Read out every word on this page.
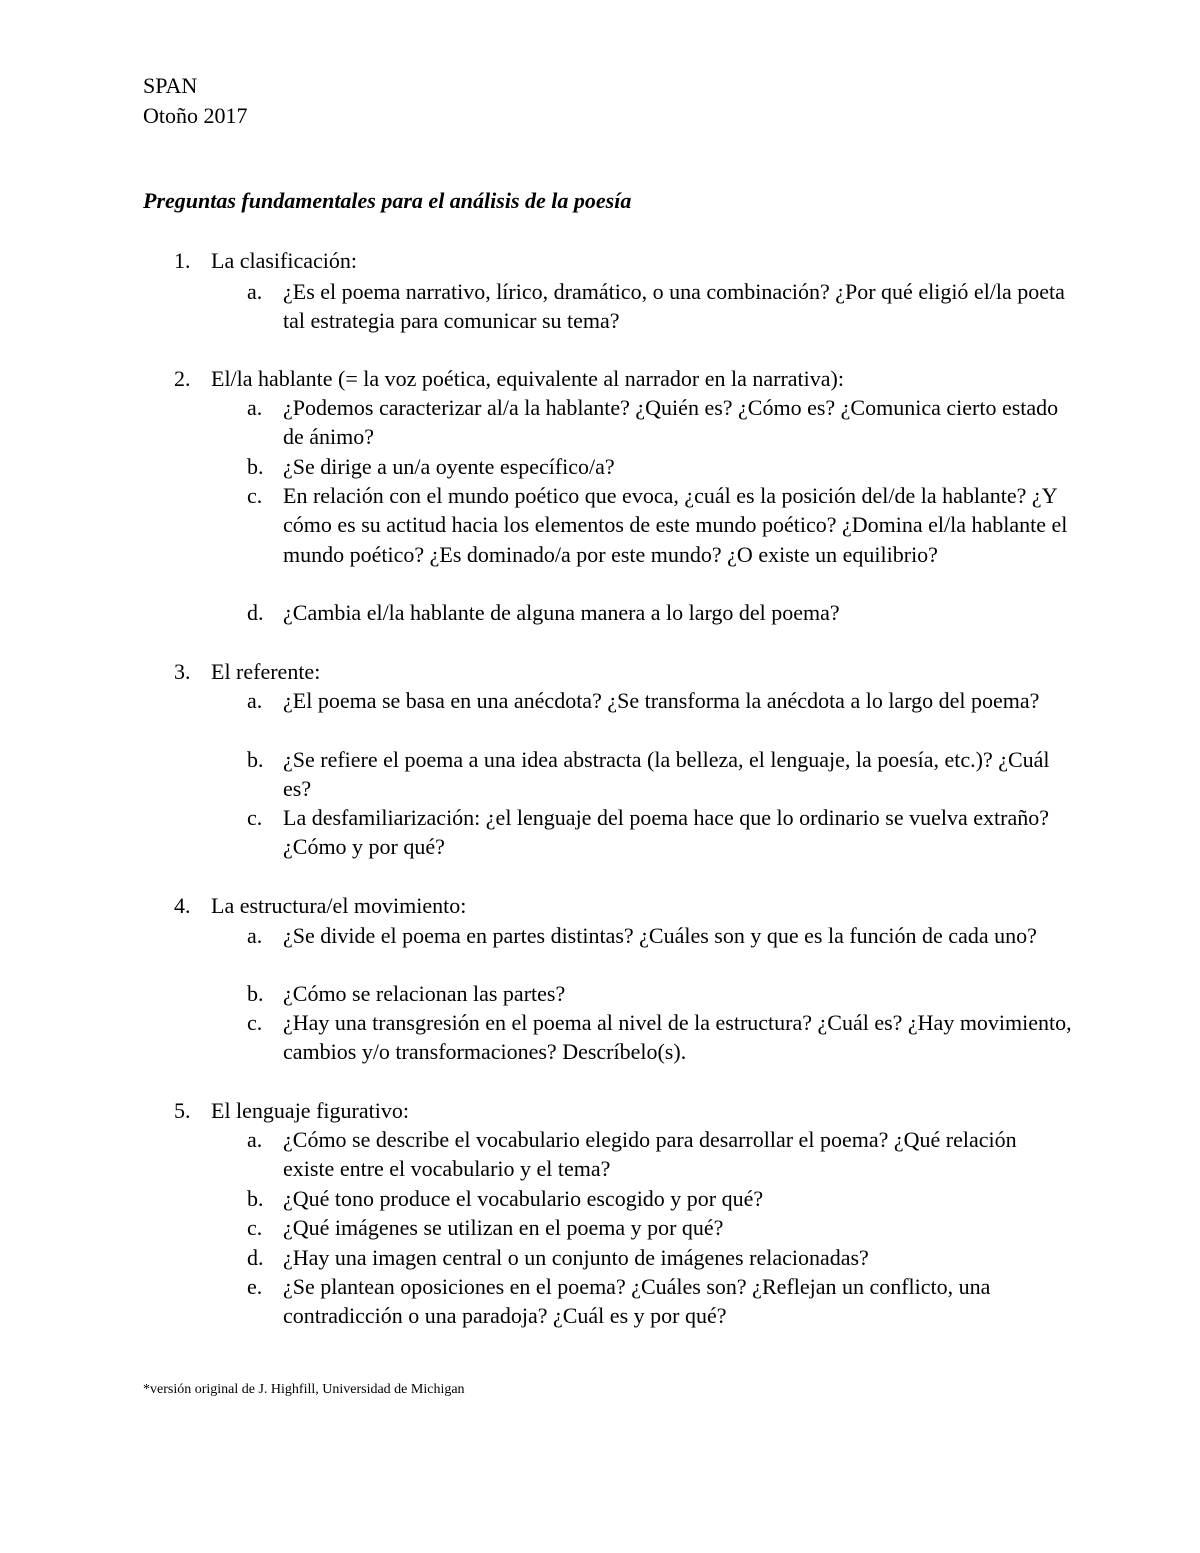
SPAN
Otoño 2017
Preguntas fundamentales para el análisis de la poesía
1. La clasificación:
a. ¿Es el poema narrativo, lírico, dramático, o una combinación? ¿Por qué eligió el/la poeta tal estrategia para comunicar su tema?
2. El/la hablante (= la voz poética, equivalente al narrador en la narrativa):
a. ¿Podemos caracterizar al/a la hablante? ¿Quién es? ¿Cómo es? ¿Comunica cierto estado de ánimo?
b. ¿Se dirige a un/a oyente específico/a?
c. En relación con el mundo poético que evoca, ¿cuál es la posición del/de la hablante? ¿Y cómo es su actitud hacia los elementos de este mundo poético? ¿Domina el/la hablante el mundo poético? ¿Es dominado/a por este mundo? ¿O existe un equilibrio?
d. ¿Cambia el/la hablante de alguna manera a lo largo del poema?
3. El referente:
a. ¿El poema se basa en una anécdota? ¿Se transforma la anécdota a lo largo del poema?
b. ¿Se refiere el poema a una idea abstracta (la belleza, el lenguaje, la poesía, etc.)? ¿Cuál es?
c. La desfamiliarización: ¿el lenguaje del poema hace que lo ordinario se vuelva extraño? ¿Cómo y por qué?
4. La estructura/el movimiento:
a. ¿Se divide el poema en partes distintas? ¿Cuáles son y que es la función de cada uno?
b. ¿Cómo se relacionan las partes?
c. ¿Hay una transgresión en el poema al nivel de la estructura? ¿Cuál es? ¿Hay movimiento, cambios y/o transformaciones? Descríbelo(s).
5. El lenguaje figurativo:
a. ¿Cómo se describe el vocabulario elegido para desarrollar el poema? ¿Qué relación existe entre el vocabulario y el tema?
b. ¿Qué tono produce el vocabulario escogido y por qué?
c. ¿Qué imágenes se utilizan en el poema y por qué?
d. ¿Hay una imagen central o un conjunto de imágenes relacionadas?
e. ¿Se plantean oposiciones en el poema? ¿Cuáles son? ¿Reflejan un conflicto, una contradicción o una paradoja? ¿Cuál es y por qué?
*versión original de J. Highfill, Universidad de Michigan
